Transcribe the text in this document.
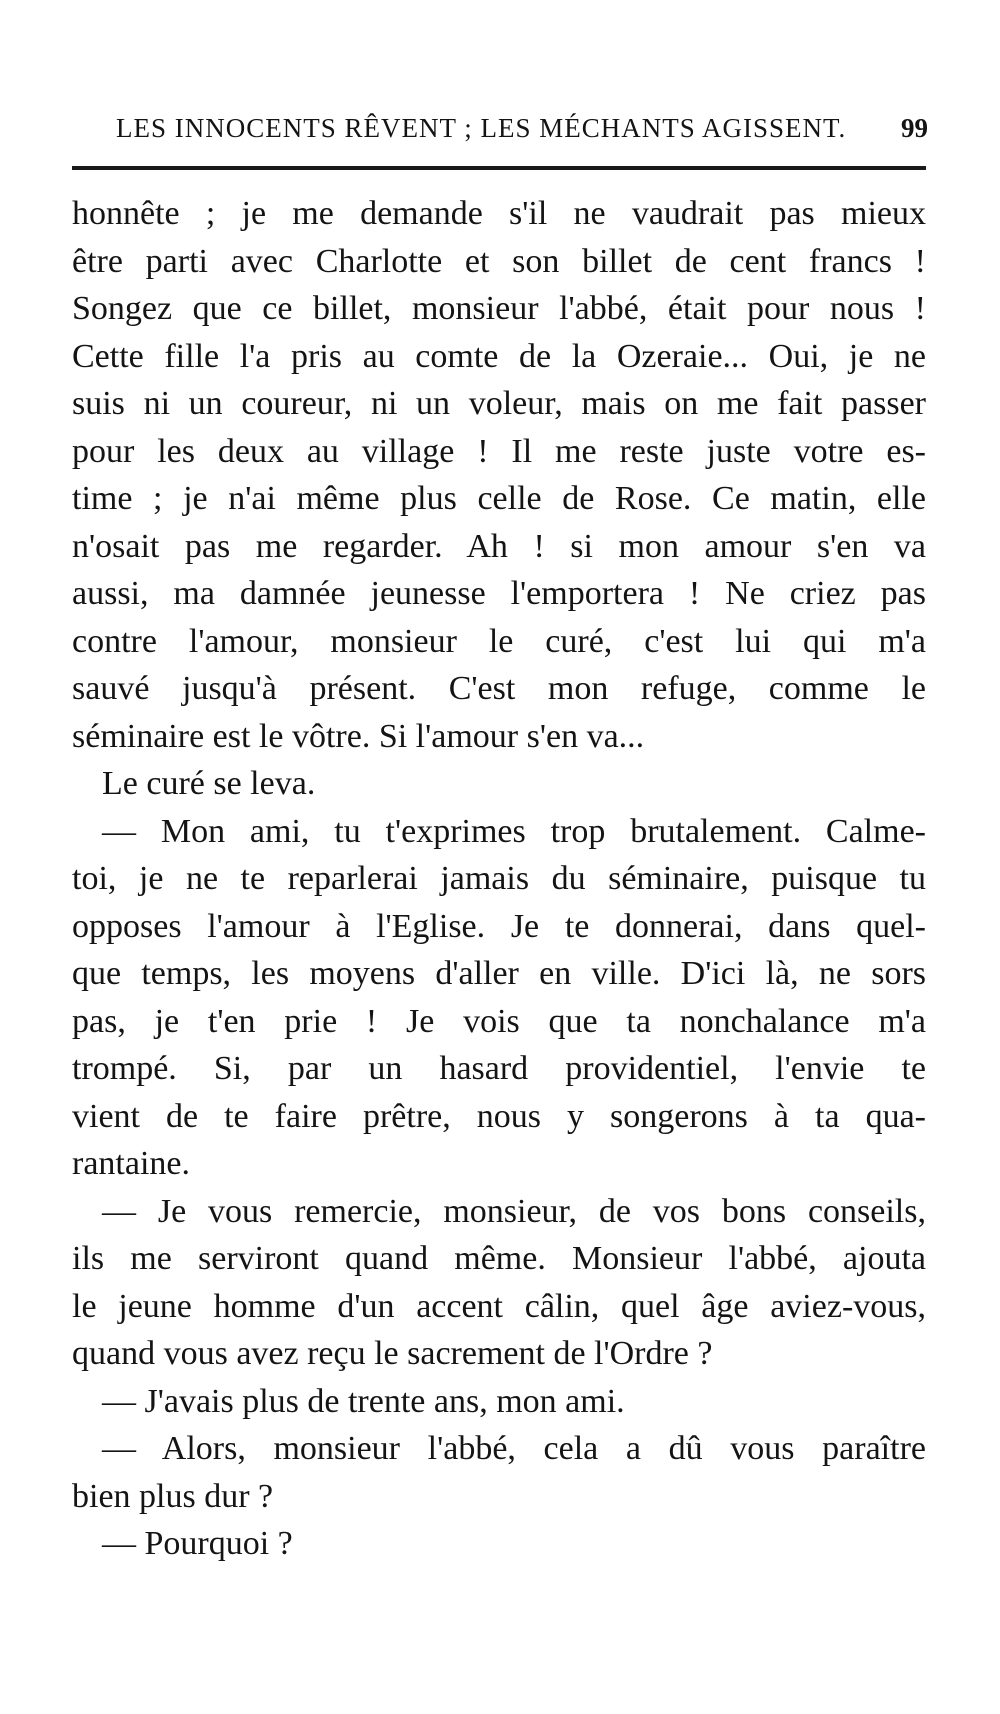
LES INNOCENTS RÊVENT ; LES MÉCHANTS AGISSENT. 99
honnête ; je me demande s'il ne vaudrait pas mieux
être parti avec Charlotte et son billet de cent francs !
Songez que ce billet, monsieur l'abbé, était pour nous !
Cette fille l'a pris au comte de la Ozeraie... Oui, je ne
suis ni un coureur, ni un voleur, mais on me fait passer
pour les deux au village ! Il me reste juste votre es-
time ; je n'ai même plus celle de Rose. Ce matin, elle
n'osait pas me regarder. Ah ! si mon amour s'en va
aussi, ma damnée jeunesse l'emportera ! Ne criez pas
contre l'amour, monsieur le curé, c'est lui qui m'a
sauvé jusqu'à présent. C'est mon refuge, comme le
séminaire est le vôtre. Si l'amour s'en va...
Le curé se leva.
— Mon ami, tu t'exprimes trop brutalement. Calme-
toi, je ne te reparlerai jamais du séminaire, puisque tu
opposes l'amour à l'Eglise. Je te donnerai, dans quel-
que temps, les moyens d'aller en ville. D'ici là, ne sors
pas, je t'en prie ! Je vois que ta nonchalance m'a
trompé. Si, par un hasard providentiel, l'envie te
vient de te faire prêtre, nous y songerons à ta qua-
rantaine.
— Je vous remercie, monsieur, de vos bons conseils,
ils me serviront quand même. Monsieur l'abbé, ajouta
le jeune homme d'un accent câlin, quel âge aviez-vous,
quand vous avez reçu le sacrement de l'Ordre ?
— J'avais plus de trente ans, mon ami.
— Alors, monsieur l'abbé, cela a dû vous paraître
bien plus dur ?
— Pourquoi ?
